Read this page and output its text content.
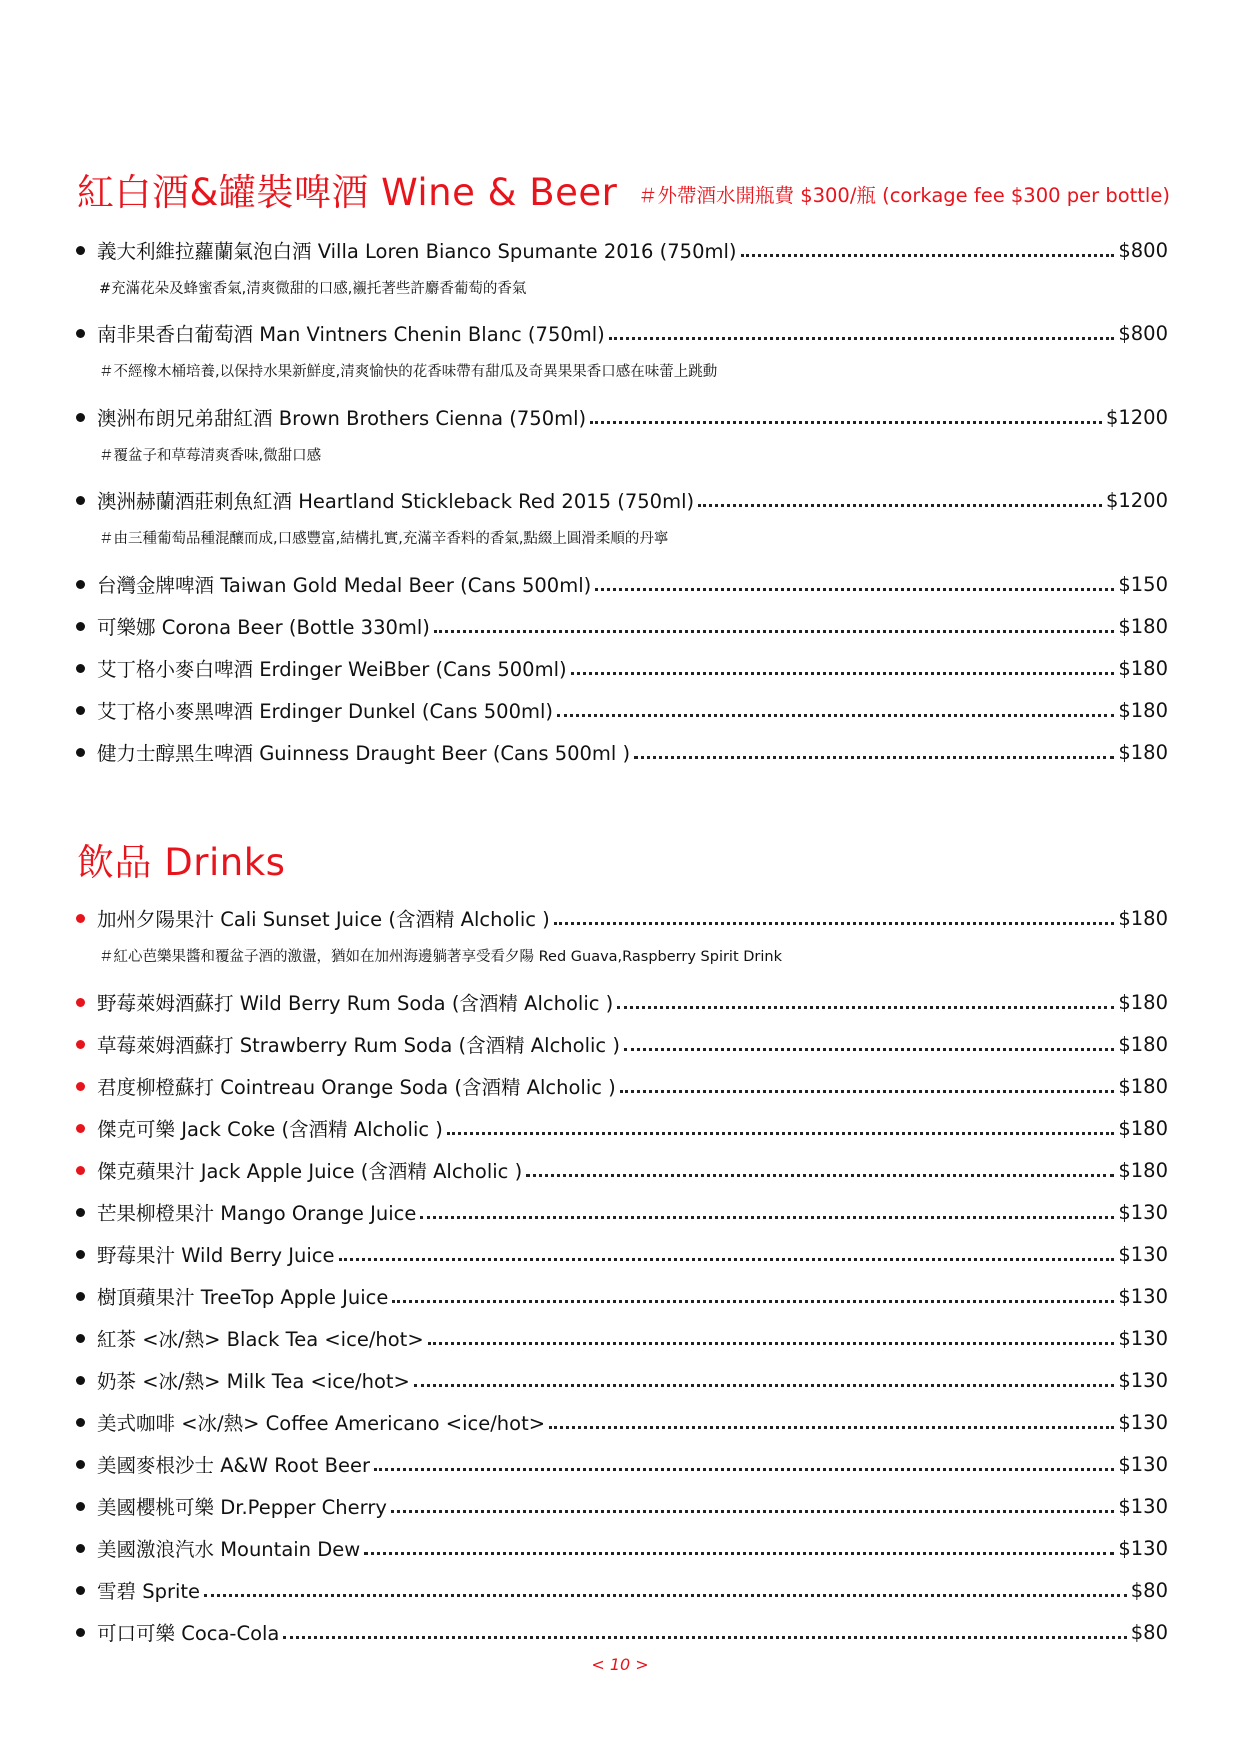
紅白酒&罐裝啤酒 Wine & Beer ＃外帶酒水開瓶費 $300/瓶 (corkage fee $300 per bottle)
義大利維拉蘿蘭氣泡白酒 Villa Loren Bianco Spumante 2016 (750ml)	$800
#充滿花朵及蜂蜜香氣,清爽微甜的口感,襯托著些許麝香葡萄的香氣
南非果香白葡萄酒 Man Vintners Chenin Blanc (750ml)	$800
＃不經橡木桶培養,以保持水果新鮮度,清爽愉快的花香味帶有甜瓜及奇異果果香口感在味蕾上跳動
澳洲布朗兄弟甜紅酒 Brown Brothers Cienna (750ml)	$1200
＃覆盆子和草莓清爽香味,微甜口感
澳洲赫蘭酒莊刺魚紅酒 Heartland Stickleback Red 2015 (750ml)	$1200
＃由三種葡萄品種混釀而成,口感豐富,結構扎實,充滿辛香料的香氣,點綴上圓滑柔順的丹寧
台灣金牌啤酒 Taiwan Gold Medal Beer (Cans 500ml)	$150
可樂娜 Corona Beer (Bottle 330ml)	$180
艾丁格小麥白啤酒 Erdinger WeiBber (Cans 500ml)	$180
艾丁格小麥黑啤酒 Erdinger Dunkel (Cans 500ml)	$180
健力士醇黑生啤酒 Guinness Draught Beer (Cans 500ml )	$180
飲品 Drinks
加州夕陽果汁 Cali Sunset Juice (含酒精 Alcholic )	$180
＃紅心芭樂果醬和覆盆子酒的激盪，猶如在加州海邊躺著享受看夕陽 Red Guava,Raspberry Spirit Drink
野莓萊姆酒蘇打 Wild Berry Rum Soda (含酒精 Alcholic )	$180
草莓萊姆酒蘇打 Strawberry Rum Soda (含酒精 Alcholic )	$180
君度柳橙蘇打 Cointreau Orange Soda (含酒精 Alcholic )	$180
傑克可樂 Jack Coke (含酒精 Alcholic )	$180
傑克蘋果汁 Jack Apple Juice (含酒精 Alcholic )	$180
芒果柳橙果汁 Mango Orange Juice	$130
野莓果汁 Wild Berry Juice	$130
樹頂蘋果汁 TreeTop Apple Juice	$130
紅茶 <冰/熱> Black Tea <ice/hot>	$130
奶茶 <冰/熱> Milk Tea <ice/hot>	$130
美式咖啡 <冰/熱> Coffee Americano <ice/hot>	$130
美國麥根沙士 A&W Root Beer	$130
美國櫻桃可樂 Dr.Pepper Cherry	$130
美國激浪汽水 Mountain Dew	$130
雪碧 Sprite	$80
可口可樂 Coca-Cola	$80
< 10 >
